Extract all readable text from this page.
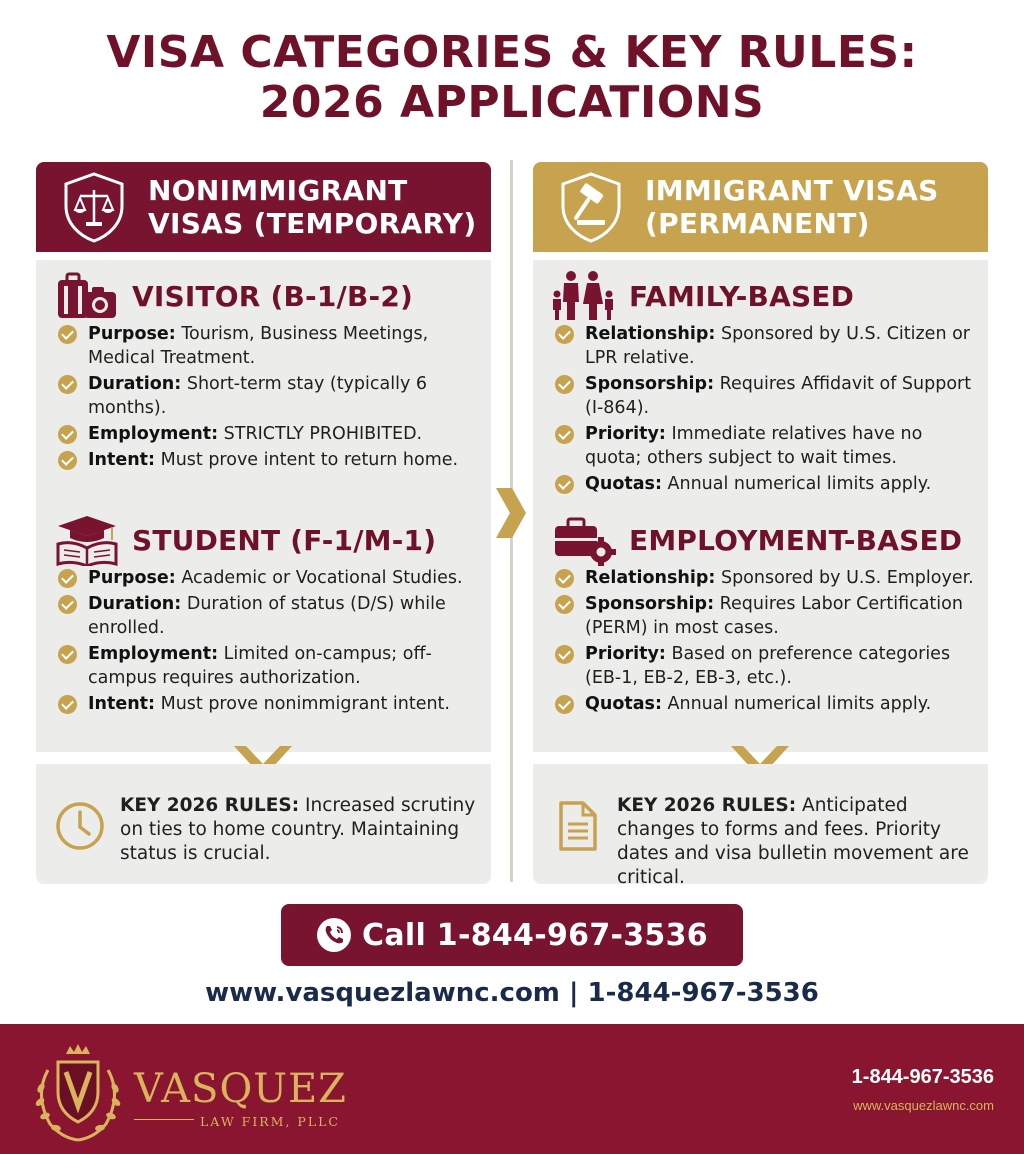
VISA CATEGORIES & KEY RULES:
2026 APPLICATIONS
NONIMMIGRANT
VISAS (TEMPORARY)
VISITOR (B-1/B-2)
Purpose: Tourism, Business Meetings, Medical Treatment.
Duration: Short-term stay (typically 6 months).
Employment: STRICTLY PROHIBITED.
Intent: Must prove intent to return home.
STUDENT (F-1/M-1)
Purpose: Academic or Vocational Studies.
Duration: Duration of status (D/S) while enrolled.
Employment: Limited on-campus; off-campus requires authorization.
Intent: Must prove nonimmigrant intent.
KEY 2026 RULES: Increased scrutiny on ties to home country. Maintaining status is crucial.
IMMIGRANT VISAS
(PERMANENT)
FAMILY-BASED
Relationship: Sponsored by U.S. Citizen or LPR relative.
Sponsorship: Requires Affidavit of Support (I-864).
Priority: Immediate relatives have no quota; others subject to wait times.
Quotas: Annual numerical limits apply.
EMPLOYMENT-BASED
Relationship: Sponsored by U.S. Employer.
Sponsorship: Requires Labor Certification (PERM) in most cases.
Priority: Based on preference categories (EB-1, EB-2, EB-3, etc.).
Quotas: Annual numerical limits apply.
KEY 2026 RULES: Anticipated changes to forms and fees. Priority dates and visa bulletin movement are critical.
Call 1-844-967-3536
www.vasquezlawnc.com | 1-844-967-3536
VASQUEZ
LAW FIRM, PLLC
1-844-967-3536
www.vasquezlawnc.com
